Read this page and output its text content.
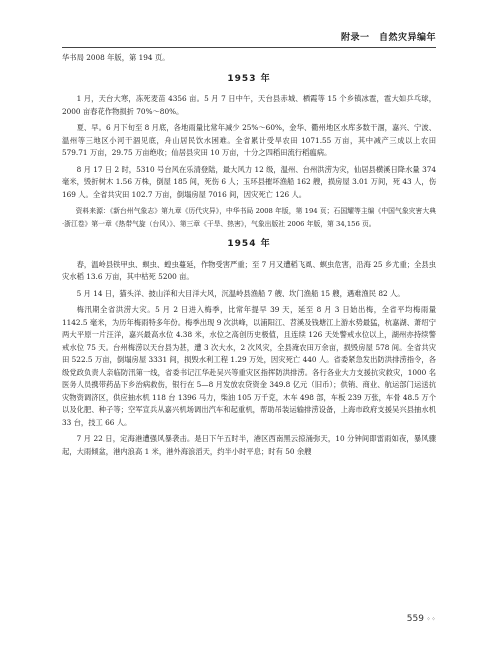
附录一　自然灾异编年

华书局 2008 年版，第 194 页。

1953 年

1 月，天台大寒，冻死麦苗 4356 亩。5 月 7 日中午，天台县赤城、栖霞等 15 个乡镇冰雹，雹大如乒乓球，2000 亩春花作物损折 70%～80%。

夏、早。6 月下旬至 8 月底，各地雨量比常年减少 25%～60%，金华、衢州地区水库多数干涸，嘉兴、宁波、温州等三地区小河干涸见底，舟山居民饮水困难。全省累计受旱农田 1071.55 万亩，其中减产三成以上农田 579.71 万亩，29.75 万亩绝收；仙居县灾田 10 万亩，十分之四稻田流行稻瘟病。

8 月 17 日 2 时，5310 号台风在乐清登陆，最大风力 12 级，温州、台州洪涝为灾，仙居县横溪日降水量 374 毫米，毁折树木 1.56 万株，倒屋 185 间，死伤 6 人；玉环县摧坏渔船 162 艘，损房屋 3.01 万间，死 43 人，伤 169 人。全省共灾田 102.7 万亩，倒塌房屋 7016 间，因灾死亡 126 人。

资料来源：《新台州气象志》第九章《历代灾异》，中华书局 2008 年版，第 194 页；石国耀等主编《中国气象灾害大典·浙江卷》第一章《热带气旋（台风）》、第三章《干旱、热害》，气象出版社 2006 年版，第 34,156 页。

1954 年

春，温岭县铁甲虫、螟虫、蝗虫蔓延，作物受害严重；至 7 月又遭稻飞虱、螟虫危害，沿海 25 乡尤重；全县虫灾水稻 13.6 万亩，其中枯死 5200 亩。

5 月 14 日，猫头洋、披山洋和大目洋大风，沉温岭县渔船 7 艘、坎门渔船 15 艘，遇难渔民 82 人。

梅汛期全省洪涝大灾。5 月 2 日进入梅季，比常年提早 39 天，延至 8 月 3 日始出梅，全省平均梅雨量 1142.5 毫米，为历年梅雨特多年份。梅季出现 9 次洪峰，以浦阳江、苕溪及钱塘江上游水势最猛，杭嘉湖、萧绍宁两大平原一片汪洋，嘉兴最高水位 4.38 米，水位之高创历史极值，且连续 126 天处警戒水位以上，湖州亦持续警戒水位 75 天。台州梅涝以天台县为甚，遭 3 次大水，2 次风灾，全县淹农田万余亩，损毁房屋 578 间。全省共灾田 522.5 万亩，倒塌房屋 3331 间，损毁水利工程 1.29 万处，因灾死亡 440 人。省委紧急发出防洪排涝指令，各级党政负责人亲临防汛第一线，省委书记江华赴吴兴等重灾区指挥防洪排涝。各行各业大力支援抗灾救灾，1000 名医务人员携带药品下乡治病救伤，银行在 5—8 月发放农贷资金 349.8 亿元（旧币）；供销、商业、航运部门运送抗灾物资调济区，供应抽水机 118 台 1396 马力，柴油 105 万千克，木车 498 部，车板 239 万张，车骨 48.5 万个以及化肥、种子等；空军宣兵从嘉兴机场调出汽车和起重机，帮助吊装运输排涝设备，上海市政府支援吴兴县抽水机 33 台，技工 66 人。

7 月 22 日，定海港遭强风暴袭击。是日下午五时半，港区西南黑云掠涌弥天，10 分钟间即雷雨如夜，暴风骤起，大雨倾盆，港内浪高 1 米，港外海浪滔天，约半小时平息；时有 50 余艘

559 ⁘⁘
